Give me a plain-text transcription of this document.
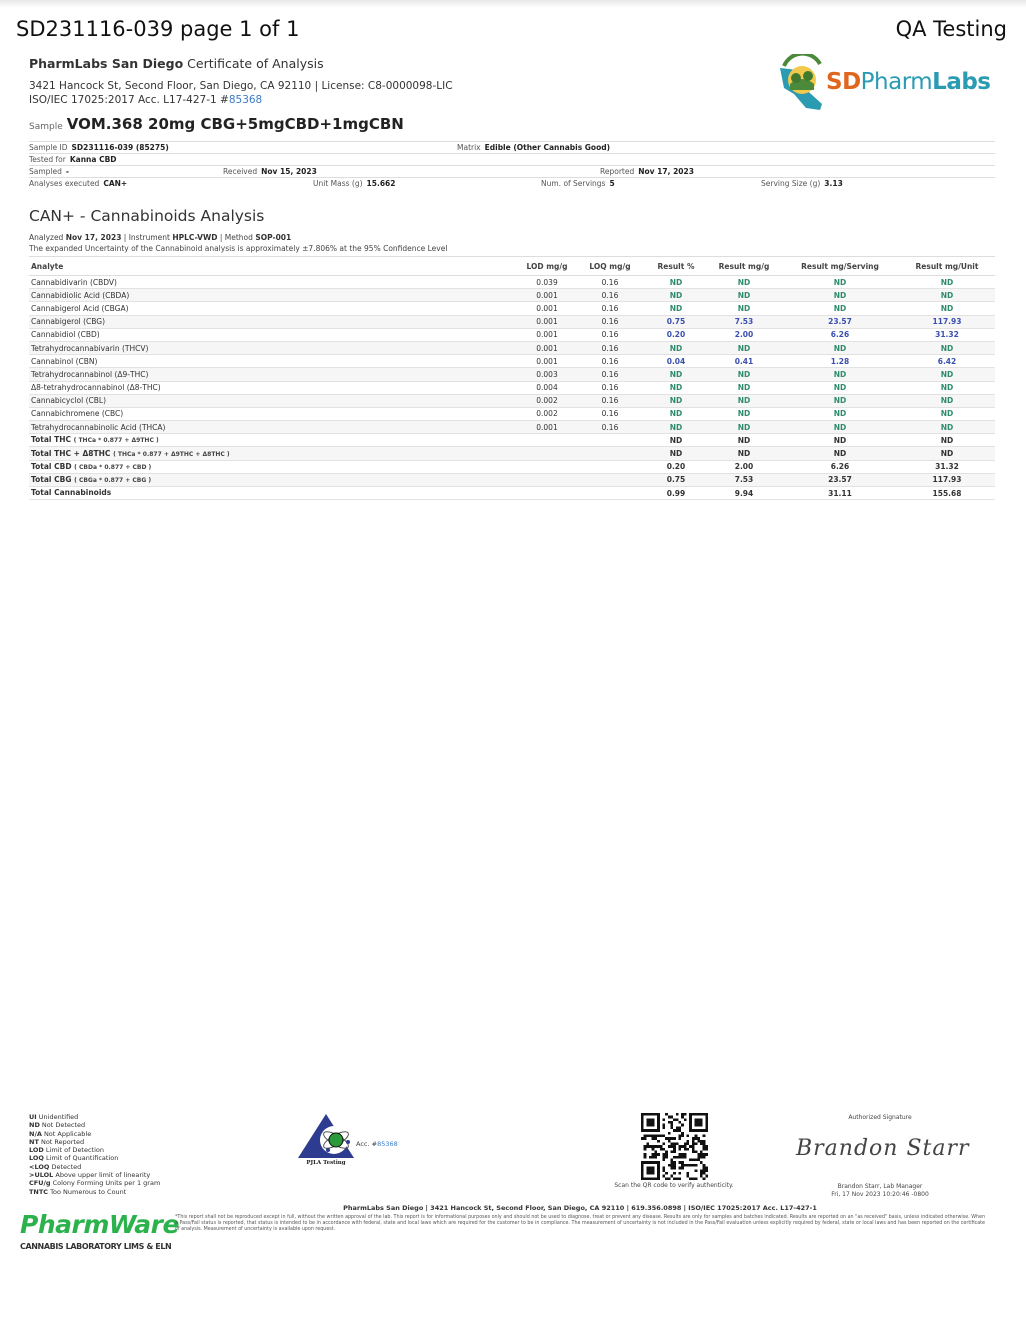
SD231116-039 page 1 of 1	QA Testing
PharmLabs San Diego Certificate of Analysis
3421 Hancock St, Second Floor, San Diego, CA 92110 | License: C8-0000098-LIC
ISO/IEC 17025:2017 Acc. L17-427-1 #85368
SDPharmLabs
Sample VOM.368 20mg CBG+5mgCBD+1mgCBN
Sample ID SD231116-039 (85275)	Matrix Edible (Other Cannabis Good)
Tested for Kanna CBD
Sampled -	Received Nov 15, 2023	Reported Nov 17, 2023
Analyses executed CAN+	Unit Mass (g) 15.662	Num. of Servings 5	Serving Size (g) 3.13
CAN+ - Cannabinoids Analysis
Analyzed Nov 17, 2023 | Instrument HPLC-VWD | Method SOP-001
The expanded Uncertainty of the Cannabinoid analysis is approximately ±7.806% at the 95% Confidence Level
Analyte	LOD mg/g	LOQ mg/g	Result %	Result mg/g	Result mg/Serving	Result mg/Unit
Cannabidivarin (CBDV)	0.039	0.16	ND	ND	ND	ND
Cannabidiolic Acid (CBDA)	0.001	0.16	ND	ND	ND	ND
Cannabigerol Acid (CBGA)	0.001	0.16	ND	ND	ND	ND
Cannabigerol (CBG)	0.001	0.16	0.75	7.53	23.57	117.93
Cannabidiol (CBD)	0.001	0.16	0.20	2.00	6.26	31.32
Tetrahydrocannabivarin (THCV)	0.001	0.16	ND	ND	ND	ND
Cannabinol (CBN)	0.001	0.16	0.04	0.41	1.28	6.42
Tetrahydrocannabinol (Δ9-THC)	0.003	0.16	ND	ND	ND	ND
Δ8-tetrahydrocannabinol (Δ8-THC)	0.004	0.16	ND	ND	ND	ND
Cannabicyclol (CBL)	0.002	0.16	ND	ND	ND	ND
Cannabichromene (CBC)	0.002	0.16	ND	ND	ND	ND
Tetrahydrocannabinolic Acid (THCA)	0.001	0.16	ND	ND	ND	ND
Total THC ( THCa * 0.877 + Δ9THC )			ND	ND	ND	ND
Total THC + Δ8THC ( THCa * 0.877 + Δ9THC + Δ8THC )			ND	ND	ND	ND
Total CBD ( CBDa * 0.877 + CBD )			0.20	2.00	6.26	31.32
Total CBG ( CBGa * 0.877 + CBG )			0.75	7.53	23.57	117.93
Total Cannabinoids			0.99	9.94	31.11	155.68
UI Unidentified
ND Not Detected
N/A Not Applicable
NT Not Reported
LOD Limit of Detection
LOQ Limit of Quantification
<LOQ Detected
>ULOL Above upper limit of linearity
CFU/g Colony Forming Units per 1 gram
TNTC Too Numerous to Count
Acc. #85368
PJLA Testing
Scan the QR code to verify authenticity.
Authorized Signature
Brandon Starr
Brandon Starr, Lab Manager
Fri, 17 Nov 2023 10:20:46 -0800
PharmWare
CANNABIS LABORATORY LIMS & ELN
PharmLabs San Diego | 3421 Hancock St, Second Floor, San Diego, CA 92110 | 619.356.0898 | ISO/IEC 17025:2017 Acc. L17-427-1
*This report shall not be reproduced except in full, without the written approval of the lab. This report is for informational purposes only and should not be used to diagnose, treat or prevent any disease. Results are only for samples and batches indicated. Results are reported on an "as received" basis, unless indicated otherwise. When a Pass/Fail status is reported, that status is intended to be in accordance with federal, state and local laws which are required for the customer to be in compliance. The measurement of uncertainty is not included in the Pass/Fail evaluation unless explicitly required by federal, state or local laws and has been reported on the certificate of analysis. Measurement of uncertainty is available upon request.
